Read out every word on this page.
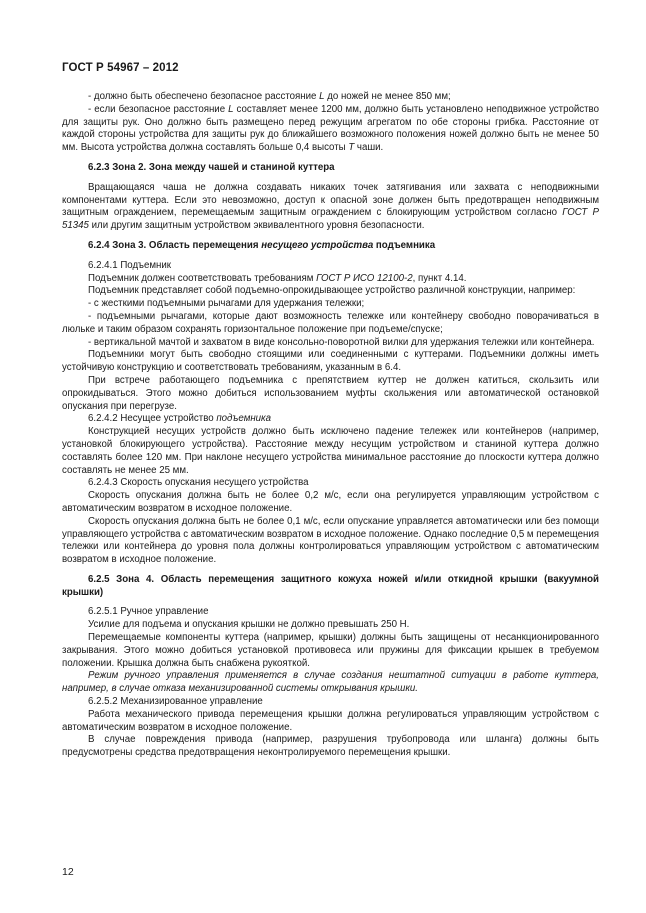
ГОСТ Р 54967 – 2012

- должно быть обеспечено безопасное расстояние L до ножей не менее 850 мм;

- если безопасное расстояние L составляет менее 1200 мм, должно быть установлено неподвижное устройство для защиты рук. Оно должно быть размещено перед режущим агрегатом по обе стороны грибка. Расстояние от каждой стороны устройства для защиты рук до ближайшего возможного положения ножей должно быть не менее 50 мм. Высота устройства должна составлять больше 0,4 высоты T чаши.

6.2.3 Зона 2. Зона между чашей и станиной куттера

Вращающаяся чаша не должна создавать никаких точек затягивания или захвата с неподвижными компонентами куттера. Если это невозможно, доступ к опасной зоне должен быть предотвращен неподвижным защитным ограждением, перемещаемым защитным ограждением с блокирующим устройством согласно ГОСТ Р 51345 или другим защитным устройством эквивалентного уровня безопасности.

6.2.4 Зона 3. Область перемещения несущего устройства подъемника

6.2.4.1 Подъемник

Подъемник должен соответствовать требованиям ГОСТ Р ИСО 12100-2, пункт 4.14.

Подъемник представляет собой подъемно-опрокидывающее устройство различной конструкции, например:

- с жесткими подъемными рычагами для удержания тележки;

- подъемными рычагами, которые дают возможность тележке или контейнеру свободно поворачиваться в люльке и таким образом сохранять горизонтальное положение при подъеме/спуске;

- вертикальной мачтой и захватом в виде консольно-поворотной вилки для удержания тележки или контейнера.

Подъемники могут быть свободно стоящими или соединенными с куттерами. Подъемники должны иметь устойчивую конструкцию и соответствовать требованиям, указанным в 6.4.

При встрече работающего подъемника с препятствием куттер не должен катиться, скользить или опрокидываться. Этого можно добиться использованием муфты скольжения или автоматической остановкой опускания при перегрузе.

6.2.4.2 Несущее устройство подъемника

Конструкцией несущих устройств должно быть исключено падение тележек или контейнеров (например, установкой блокирующего устройства). Расстояние между несущим устройством и станиной куттера должно составлять более 120 мм. При наклоне несущего устройства минимальное расстояние до плоскости куттера должно составлять не менее 25 мм.

6.2.4.3 Скорость опускания несущего устройства

Скорость опускания должна быть не более 0,2 м/с, если она регулируется управляющим устройством с автоматическим возвратом в исходное положение.

Скорость опускания должна быть не более 0,1 м/с, если опускание управляется автоматически или без помощи управляющего устройства с автоматическим возвратом в исходное положение. Однако последние 0,5 м перемещения тележки или контейнера до уровня пола должны контролироваться управляющим устройством с автоматическим возвратом в исходное положение.

6.2.5 Зона 4. Область перемещения защитного кожуха ножей и/или откидной крышки (вакуумной крышки)

6.2.5.1 Ручное управление

Усилие для подъема и опускания крышки не должно превышать 250 Н.

Перемещаемые компоненты куттера (например, крышки) должны быть защищены от несанкционированного закрывания. Этого можно добиться установкой противовеса или пружины для фиксации крышек в требуемом положении. Крышка должна быть снабжена рукояткой.

Режим ручного управления применяется в случае создания нештатной ситуации в работе куттера, например, в случае отказа механизированной системы открывания крышки.

6.2.5.2 Механизированное управление

Работа механического привода перемещения крышки должна регулироваться управляющим устройством с автоматическим возвратом в исходное положение.

В случае повреждения привода (например, разрушения трубопровода или шланга) должны быть предусмотрены средства предотвращения неконтролируемого перемещения крышки.

12
